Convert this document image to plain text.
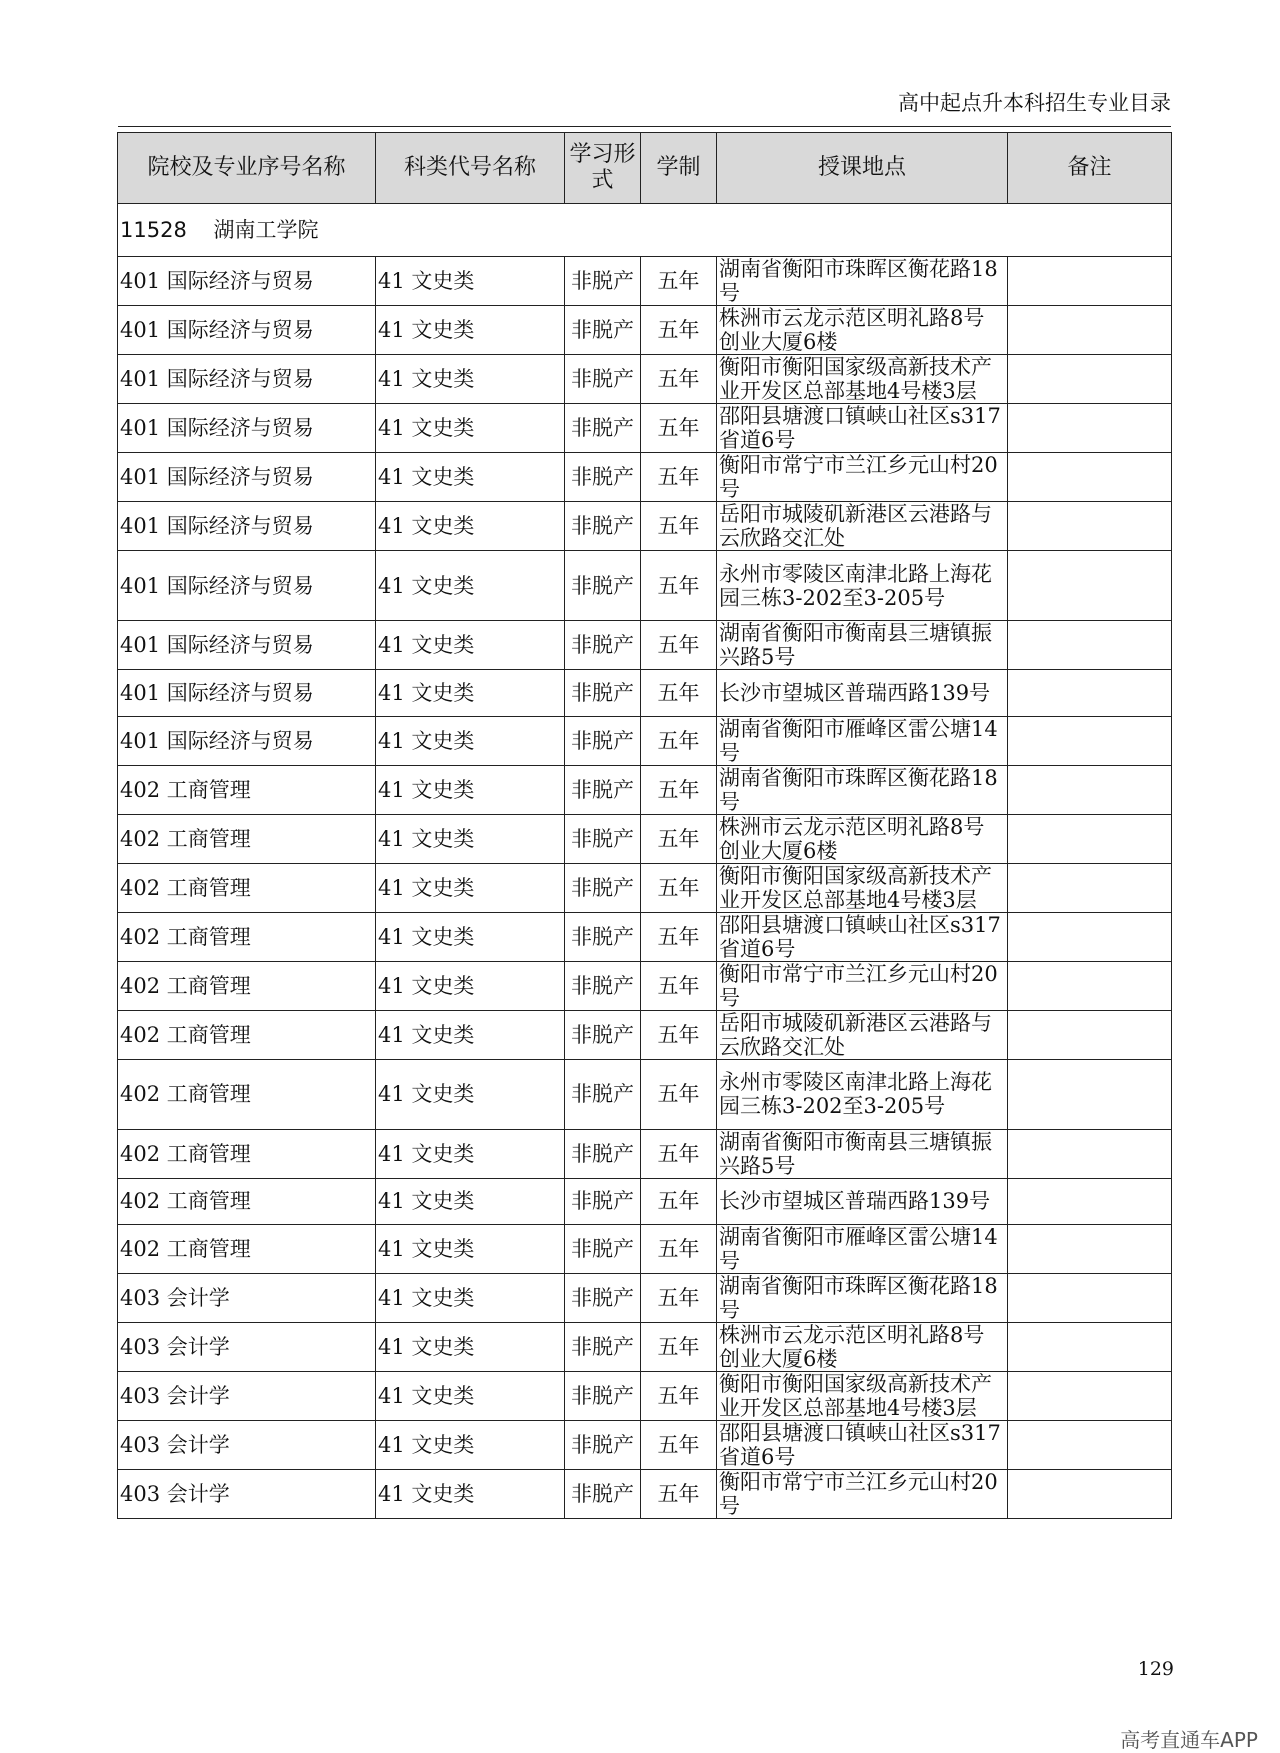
高中起点升本科招生专业目录
院校及专业序号名称	科类代号名称	学习形式	学制	授课地点	备注
11528 湖南工学院					
401 国际经济与贸易	41 文史类	非脱产	五年	湖南省衡阳市珠晖区衡花路18号	
401 国际经济与贸易	41 文史类	非脱产	五年	株洲市云龙示范区明礼路8号创业大厦6楼	
401 国际经济与贸易	41 文史类	非脱产	五年	衡阳市衡阳国家级高新技术产业开发区总部基地4号楼3层	
401 国际经济与贸易	41 文史类	非脱产	五年	邵阳县塘渡口镇峡山社区s317省道6号	
401 国际经济与贸易	41 文史类	非脱产	五年	衡阳市常宁市兰江乡元山村20号	
401 国际经济与贸易	41 文史类	非脱产	五年	岳阳市城陵矶新港区云港路与云欣路交汇处	
401 国际经济与贸易	41 文史类	非脱产	五年	永州市零陵区南津北路上海花园三栋3-202至3-205号	
401 国际经济与贸易	41 文史类	非脱产	五年	湖南省衡阳市衡南县三塘镇振兴路5号	
401 国际经济与贸易	41 文史类	非脱产	五年	长沙市望城区普瑞西路139号	
401 国际经济与贸易	41 文史类	非脱产	五年	湖南省衡阳市雁峰区雷公塘14号	
402 工商管理	41 文史类	非脱产	五年	湖南省衡阳市珠晖区衡花路18号	
402 工商管理	41 文史类	非脱产	五年	株洲市云龙示范区明礼路8号创业大厦6楼	
402 工商管理	41 文史类	非脱产	五年	衡阳市衡阳国家级高新技术产业开发区总部基地4号楼3层	
402 工商管理	41 文史类	非脱产	五年	邵阳县塘渡口镇峡山社区s317省道6号	
402 工商管理	41 文史类	非脱产	五年	衡阳市常宁市兰江乡元山村20号	
402 工商管理	41 文史类	非脱产	五年	岳阳市城陵矶新港区云港路与云欣路交汇处	
402 工商管理	41 文史类	非脱产	五年	永州市零陵区南津北路上海花园三栋3-202至3-205号	
402 工商管理	41 文史类	非脱产	五年	湖南省衡阳市衡南县三塘镇振兴路5号	
402 工商管理	41 文史类	非脱产	五年	长沙市望城区普瑞西路139号	
402 工商管理	41 文史类	非脱产	五年	湖南省衡阳市雁峰区雷公塘14号	
403 会计学	41 文史类	非脱产	五年	湖南省衡阳市珠晖区衡花路18号	
403 会计学	41 文史类	非脱产	五年	株洲市云龙示范区明礼路8号创业大厦6楼	
403 会计学	41 文史类	非脱产	五年	衡阳市衡阳国家级高新技术产业开发区总部基地4号楼3层	
403 会计学	41 文史类	非脱产	五年	邵阳县塘渡口镇峡山社区s317省道6号	
403 会计学	41 文史类	非脱产	五年	衡阳市常宁市兰江乡元山村20号	
129
高考直通车APP
